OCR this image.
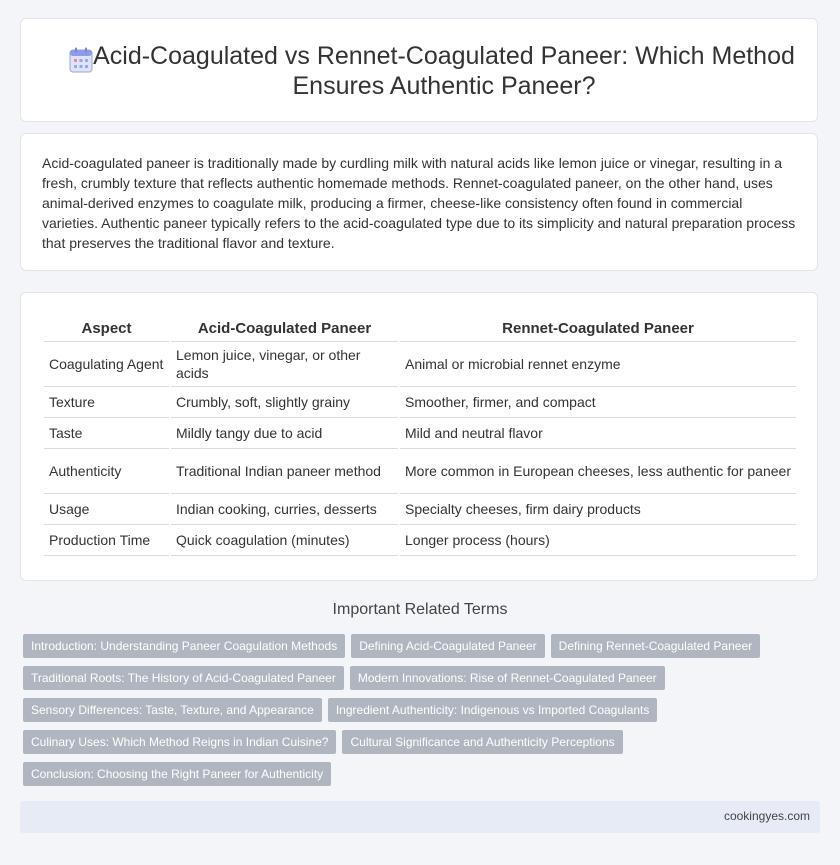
Acid-Coagulated vs Rennet-Coagulated Paneer: Which Method Ensures Authentic Paneer?

Acid-coagulated paneer is traditionally made by curdling milk with natural acids like lemon juice or vinegar, resulting in a fresh, crumbly texture that reflects authentic homemade methods. Rennet-coagulated paneer, on the other hand, uses animal-derived enzymes to coagulate milk, producing a firmer, cheese-like consistency often found in commercial varieties. Authentic paneer typically refers to the acid-coagulated type due to its simplicity and natural preparation process that preserves the traditional flavor and texture.

Aspect	Acid-Coagulated Paneer	Rennet-Coagulated Paneer
Coagulating Agent	Lemon juice, vinegar, or other acids	Animal or microbial rennet enzyme
Texture	Crumbly, soft, slightly grainy	Smoother, firmer, and compact
Taste	Mildly tangy due to acid	Mild and neutral flavor
Authenticity	Traditional Indian paneer method	More common in European cheeses, less authentic for paneer
Usage	Indian cooking, curries, desserts	Specialty cheeses, firm dairy products
Production Time	Quick coagulation (minutes)	Longer process (hours)
Important Related Terms
Introduction: Understanding Paneer Coagulation Methods Defining Acid-Coagulated Paneer Defining Rennet-Coagulated Paneer
Traditional Roots: The History of Acid-Coagulated Paneer Modern Innovations: Rise of Rennet-Coagulated Paneer
Sensory Differences: Taste, Texture, and Appearance Ingredient Authenticity: Indigenous vs Imported Coagulants
Culinary Uses: Which Method Reigns in Indian Cuisine? Cultural Significance and Authenticity Perceptions
Conclusion: Choosing the Right Paneer for Authenticity
cookingyes.com
